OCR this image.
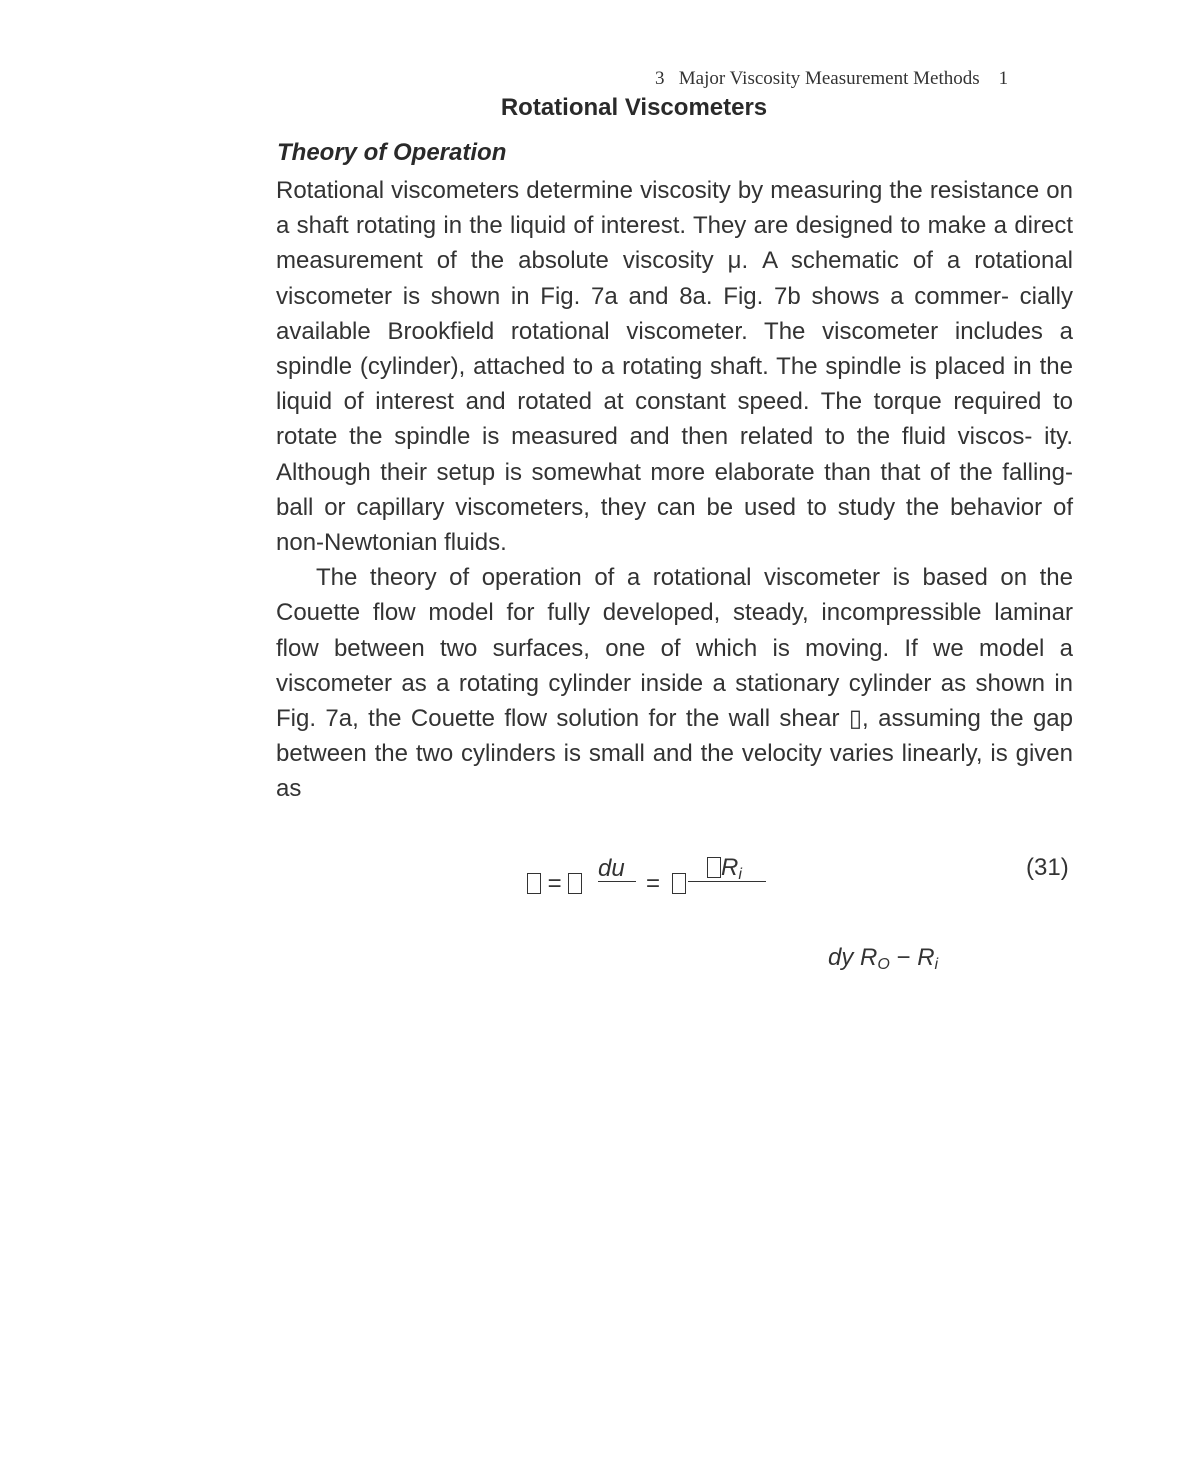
3   Major Viscosity Measurement Methods    1
Rotational Viscometers
Theory of Operation

Rotational viscometers determine viscosity by measuring the resistance on a shaft rotating in the liquid of interest. They are designed to make a direct measurement of the absolute viscosity μ. A schematic of a rotational viscometer is shown in Fig. 7a and 8a. Fig. 7b shows a commer- cially available Brookfield rotational viscometer. The viscometer includes a spindle (cylinder), attached to a rotating shaft. The spindle is placed in the liquid of interest and rotated at constant speed. The torque required to rotate the spindle is measured and then related to the fluid viscos- ity. Although their setup is somewhat more elaborate than that of the falling-ball or capillary viscometers, they can be used to study the behavior of non-Newtonian fluids.

The theory of operation of a rotational viscometer is based on the Couette flow model for fully developed, steady, incompressible laminar flow between two surfaces, one of which is moving. If we model a viscometer as a rotating cylinder inside a stationary cylinder as shown in Fig. 7a, the Couette flow solution for the wall shear ▯, assuming the gap between the two cylinders is small and the velocity varies linearly, is given as

=
du
=
$R_i$	(31)
dy $R_O - R_i$
